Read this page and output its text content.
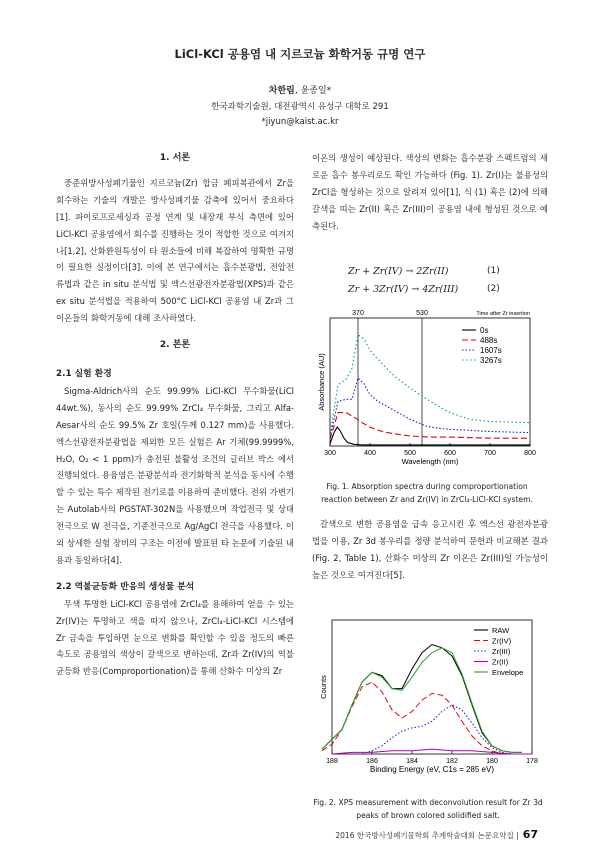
LiCl-KCl 공용염 내 지르코늄 화학거동 규명 연구
차한림, 윤종일*
한국과학기술원, 대전광역시 유성구 대학로 291
*jiyun@kaist.ac.kr
1. 서론

중준위방사성폐기물인 지르코늄(Zr) 합금 폐피복관에서 Zr을 회수하는 기술의 개발은 방사성폐기물 감축에 있어서 중요하다[1]. 파이로프로세싱과 공정 연계 및 내장재 부식 측면에 있어 LiCl-KCl 공용염에서 회수를 진행하는 것이 적합한 것으로 여겨지나[1,2], 산화환원특성이 타 원소들에 비해 복잡하여 명확한 규명이 필요한 실정이다[3]. 이에 본 연구에서는 흡수분광법, 전압전류법과 같은 in situ 분석법 및 엑스선광전자분광법(XPS)과 같은 ex situ 분석법을 적용하여 500°C LiCl-KCl 공용염 내 Zr과 그 이온들의 화학거동에 대해 조사하였다.

2. 본론
2.1 실험 환경

Sigma-Aldrich사의 순도 99.99% LiCl-KCl 무수화물(LiCl 44wt.%), 동사의 순도 99.99% ZrCl₄ 무수화물, 그리고 Alfa-Aesar사의 순도 99.5% Zr 호일(두께 0.127 mm)을 사용했다. 엑스선광전자분광법을 제외한 모든 실험은 Ar 기체(99.9999%, H₂O, O₂ < 1 ppm)가 충전된 불활성 조건의 글러브 박스 에서 진행되었다. 용융염은 분광분석과 전기화학적 분석을 동시에 수행할 수 있는 특수 제작된 전기로를 이용하여 준비했다. 전위 가변기는 Autolab사의 PGSTAT-302N을 사용했으며 작업전극 및 상대전극으로 W 전극을, 기준전극으로 Ag/AgCl 전극을 사용했다. 이외 상세한 실험 장비의 구조는 이전에 발표된 타 논문에 기술된 내용과 동일하다[4].

2.2 역불균등화 반응의 생성물 분석

무색 투명한 LiCl-KCl 공용염에 ZrCl₄를 용해하여 얻을 수 있는 Zr(IV)는 투명하고 색을 띠지 않으나, ZrCl₄-LiCl-KCl 시스템에 Zr 금속을 투입하면 눈으로 변화를 확인할 수 있을 정도의 빠른 속도로 공용염의 색상이 갈색으로 변하는데, Zr과 Zr(IV)의 역불균등화 반응(Comproportionation)을 통해 산화수 미상의 Zr

이온의 생성이 예상된다. 색상의 변화는 흡수분광 스펙트럼의 새로운 흡수 봉우리로도 확인 가능하다 (Fig. 1). Zr(I)는 불용성의 ZrCl을 형성하는 것으로 알려져 있어[1], 식 (1) 혹은 (2)에 의해 갈색을 띠는 Zr(II) 혹은 Zr(III)이 공용염 내에 형성된 것으로 예측된다.

Zr + Zr(IV) → 2Zr(II)	(1)
Zr + 3Zr(IV) → 4Zr(III)	(2)
300	400	500	600	700	800
370	530	Time after Zr insertion
Wavelength (nm)
Absorbance (AU)
0s
488s
1607s
3267s
Fig. 1. Absorption spectra during comproportionation reaction between Zr and Zr(IV) in ZrCl₄-LiCl-KCl system.

갈색으로 변한 공용염을 급속 응고시킨 후 엑스선 광전자분광법을 이용, Zr 3d 봉우리를 정량 분석하여 문헌과 비교해본 결과(Fig. 2, Table 1), 산화수 미상의 Zr 이온은 Zr(III)일 가능성이 높은 것으로 여겨진다[5].

188	186	184	182	180	178
Binding Energy (eV, C1s = 285 eV)
Counts
RAW
Zr(IV)
Zr(III)
Zr(II)
Envelope
Fig. 2. XPS measurement with deconvolution result for Zr 3d peaks of brown colored solidified salt.
2016 한국방사성폐기물학회 추계학술대회 논문요약집 | 67
